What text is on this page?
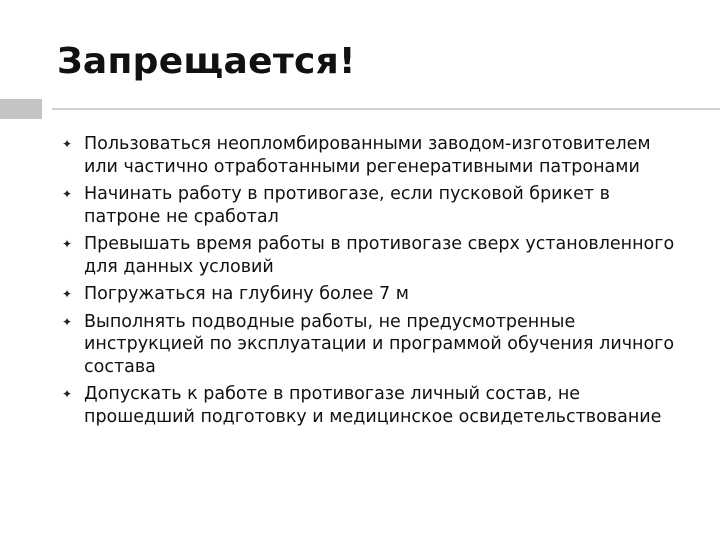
Запрещается!
✦ Пользоваться неопломбированными заводом-изготовителем или частично отработанными регенеративными патронами
✦ Начинать работу в противогазе, если пусковой брикет в патроне не сработал
✦ Превышать время работы в противогазе сверх установленного для данных условий
✦ Погружаться на глубину более 7 м
✦ Выполнять подводные работы, не предусмотренные инструкцией по эксплуатации и программой обучения личного состава
✦ Допускать к работе в противогазе личный состав, не прошедший подготовку и медицинское освидетельствование
